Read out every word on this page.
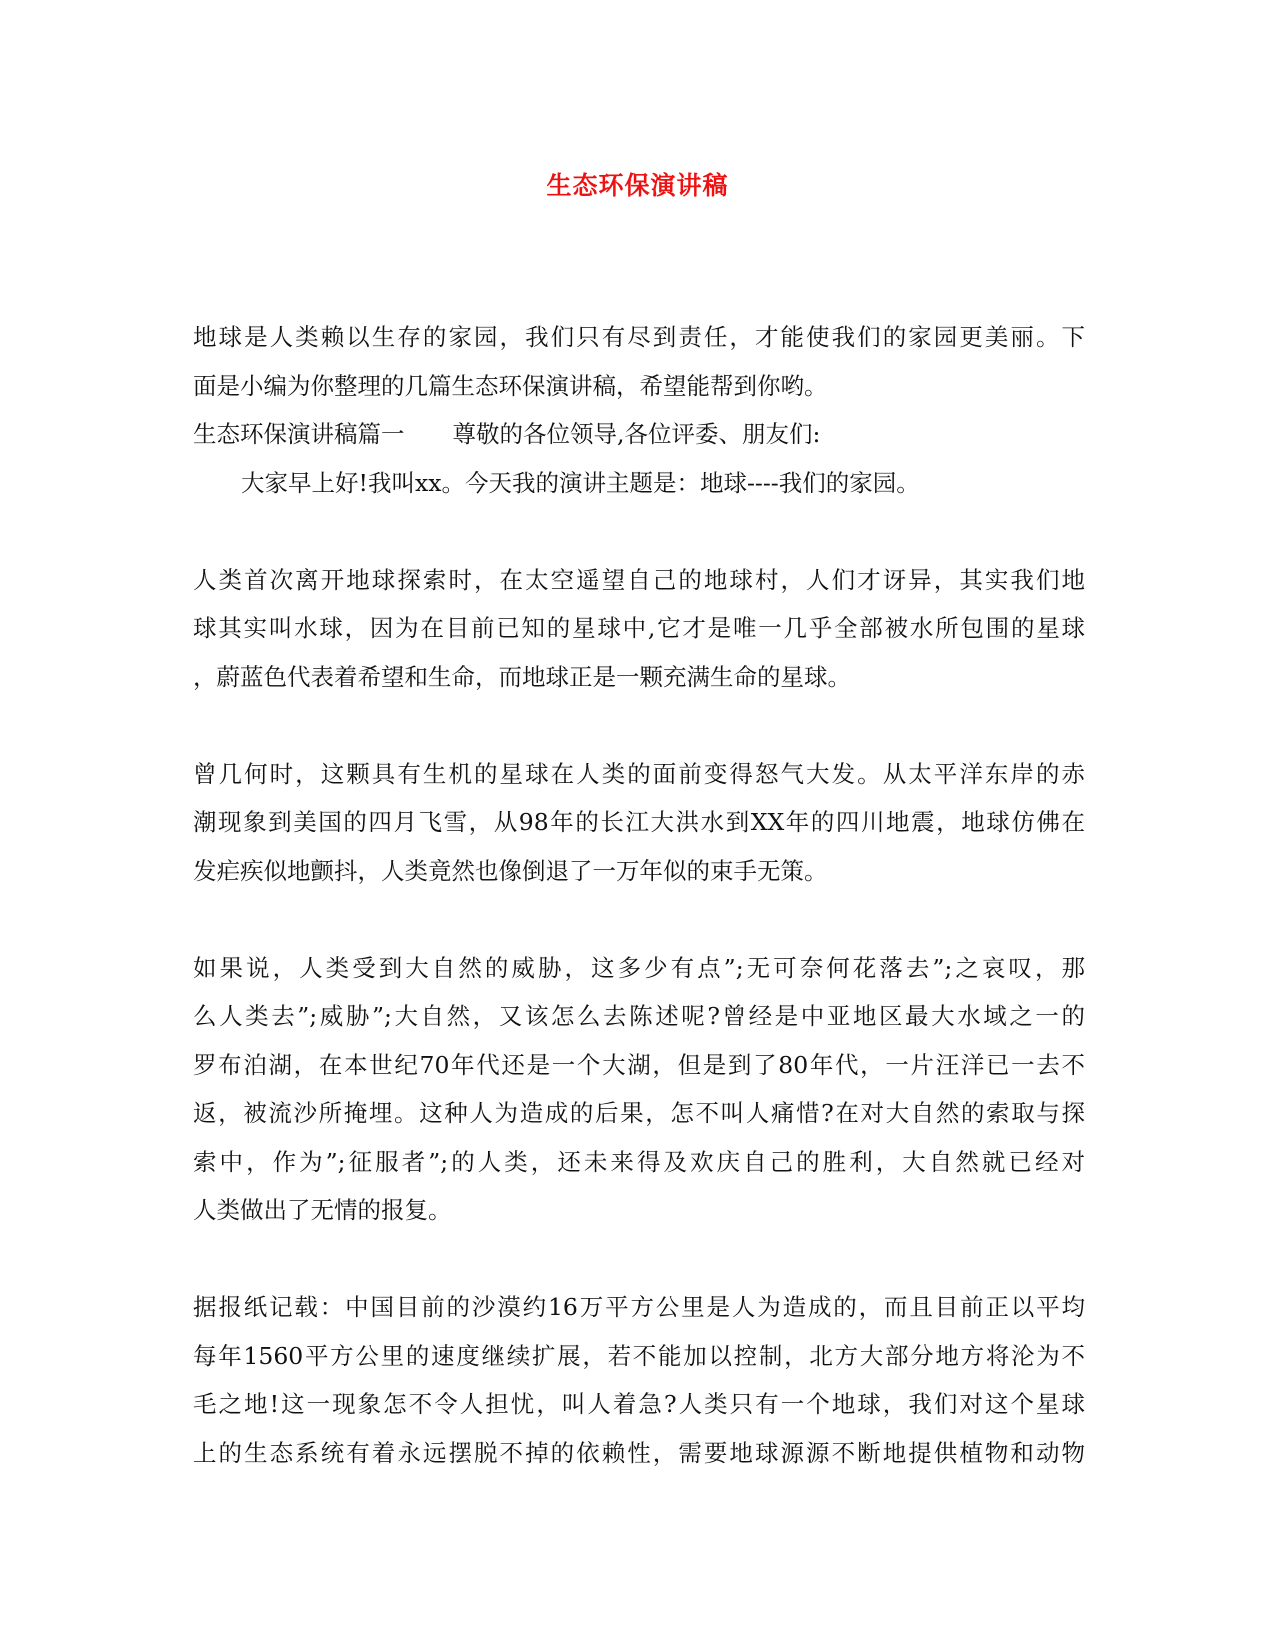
生态环保演讲稿
地球是人类赖以生存的家园，我们只有尽到责任，才能使我们的家园更美丽。下
面是小编为你整理的几篇生态环保演讲稿，希望能帮到你哟。
生态环保演讲稿篇一 尊敬的各位领导,各位评委、朋友们:
大家早上好!我叫xx。今天我的演讲主题是：地球----我们的家园。
人类首次离开地球探索时，在太空遥望自己的地球村，人们才讶异，其实我们地
球其实叫水球，因为在目前已知的星球中,它才是唯一几乎全部被水所包围的星球
，蔚蓝色代表着希望和生命，而地球正是一颗充满生命的星球。
曾几何时，这颗具有生机的星球在人类的面前变得怒气大发。从太平洋东岸的赤
潮现象到美国的四月飞雪，从98年的长江大洪水到XX年的四川地震，地球仿佛在
发疟疾似地颤抖，人类竟然也像倒退了一万年似的束手无策。
如果说，人类受到大自然的威胁，这多少有点”;无可奈何花落去”;之哀叹，那
么人类去”;威胁”;大自然，又该怎么去陈述呢?曾经是中亚地区最大水域之一的
罗布泊湖，在本世纪70年代还是一个大湖，但是到了80年代，一片汪洋已一去不
返，被流沙所掩埋。这种人为造成的后果，怎不叫人痛惜?在对大自然的索取与探
索中，作为”;征服者”;的人类，还未来得及欢庆自己的胜利，大自然就已经对
人类做出了无情的报复。
据报纸记载：中国目前的沙漠约16万平方公里是人为造成的，而且目前正以平均
每年1560平方公里的速度继续扩展，若不能加以控制，北方大部分地方将沦为不
毛之地!这一现象怎不令人担忧，叫人着急?人类只有一个地球，我们对这个星球
上的生态系统有着永远摆脱不掉的依赖性，需要地球源源不断地提供植物和动物
